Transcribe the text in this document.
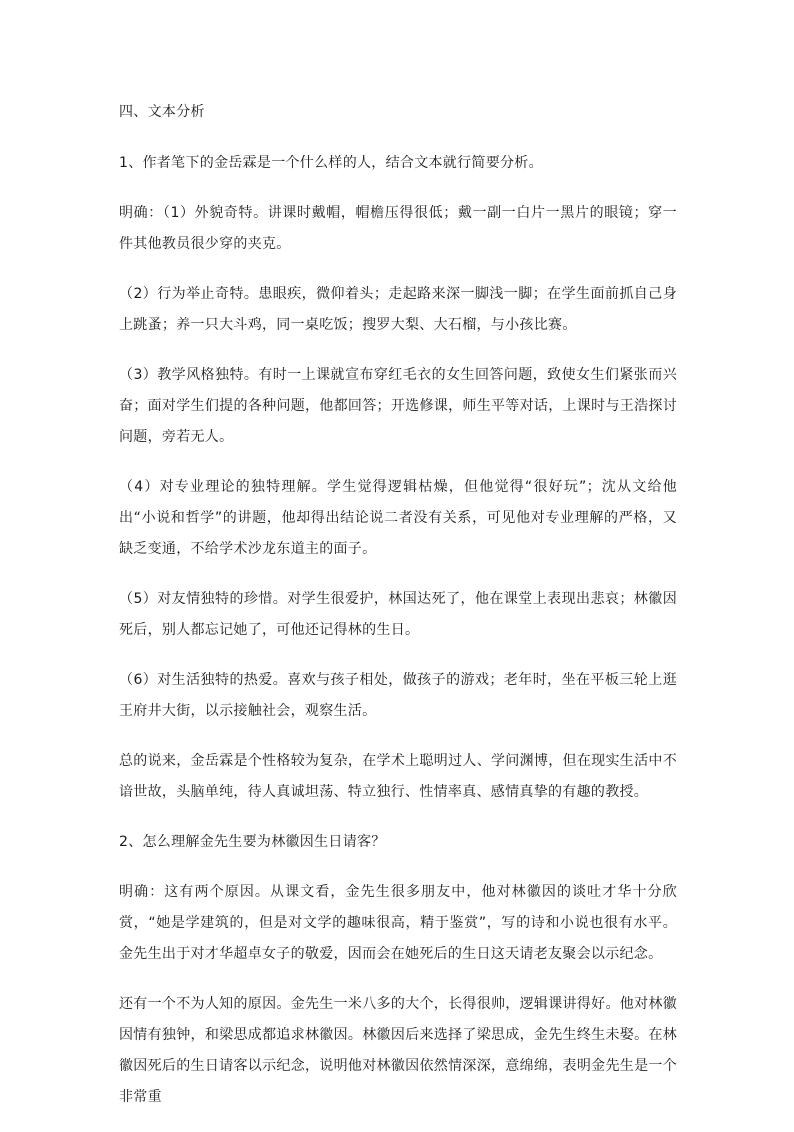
四、文本分析

1、作者笔下的金岳霖是一个什么样的人，结合文本就行简要分析。

明确：（1）外貌奇特。讲课时戴帽，帽檐压得很低；戴一副一白片一黑片的眼镜；穿一件其他教员很少穿的夹克。

（2）行为举止奇特。患眼疾，微仰着头；走起路来深一脚浅一脚；在学生面前抓自己身上跳蚤；养一只大斗鸡，同一桌吃饭；搜罗大梨、大石榴，与小孩比赛。

（3）教学风格独特。有时一上课就宣布穿红毛衣的女生回答问题，致使女生们紧张而兴奋；面对学生们提的各种问题，他都回答；开选修课，师生平等对话，上课时与王浩探讨问题，旁若无人。

（4）对专业理论的独特理解。学生觉得逻辑枯燥，但他觉得“很好玩”；沈从文给他出“小说和哲学”的讲题，他却得出结论说二者没有关系，可见他对专业理解的严格，又缺乏变通，不给学术沙龙东道主的面子。

（5）对友情独特的珍惜。对学生很爱护，林国达死了，他在课堂上表现出悲哀；林徽因死后，别人都忘记她了，可他还记得林的生日。

（6）对生活独特的热爱。喜欢与孩子相处，做孩子的游戏；老年时，坐在平板三轮上逛王府井大街，以示接触社会，观察生活。

总的说来，金岳霖是个性格较为复杂，在学术上聪明过人、学问渊博，但在现实生活中不谙世故，头脑单纯，待人真诚坦荡、特立独行、性情率真、感情真挚的有趣的教授。

2、怎么理解金先生要为林徽因生日请客？

明确：这有两个原因。从课文看，金先生很多朋友中，他对林徽因的谈吐才华十分欣赏，“她是学建筑的，但是对文学的趣味很高，精于鉴赏”，写的诗和小说也很有水平。金先生出于对才华超卓女子的敬爱，因而会在她死后的生日这天请老友聚会以示纪念。

还有一个不为人知的原因。金先生一米八多的大个，长得很帅，逻辑课讲得好。他对林徽因情有独钟，和梁思成都追求林徽因。林徽因后来选择了梁思成，金先生终生未娶。在林徽因死后的生日请客以示纪念，说明他对林徽因依然情深深，意绵绵，表明金先生是一个非常重
